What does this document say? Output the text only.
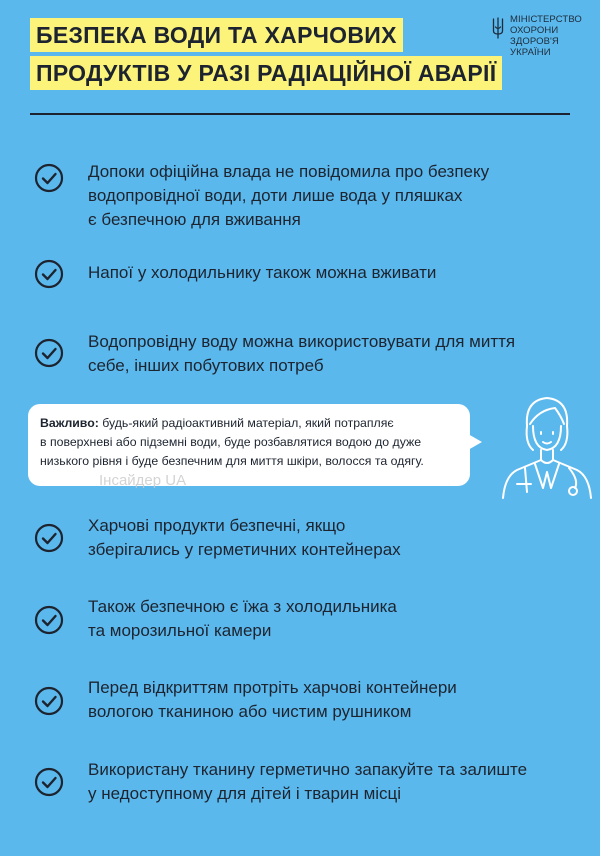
БЕЗПЕКА ВОДИ ТА ХАРЧОВИХ
ПРОДУКТІВ У РАЗІ РАДІАЦІЙНОЇ АВАРІЇ
МІНІСТЕРСТВО
ОХОРОНИ
ЗДОРОВ'Я
УКРАЇНИ
Допоки офіційна влада не повідомила про безпеку
водопровідної води, доти лише вода у пляшках
є безпечною для вживання
Напої у холодильнику також можна вживати
Водопровідну воду можна використовувати для миття
себе, інших побутових потреб
Важливо: будь-який радіоактивний матеріал, який потрапляє
в поверхневі або підземні води, буде розбавлятися водою до дуже
низького рівня і буде безпечним для миття шкіри, волосся та одягу.
Інсайдер UA
Харчові продукти безпечні, якщо
зберігались у герметичних контейнерах
Також безпечною є їжа з холодильника
та морозильної камери
Перед відкриттям протріть харчові контейнери
вологою тканиною або чистим рушником
Використану тканину герметично запакуйте та залиште
у недоступному для дітей і тварин місці
